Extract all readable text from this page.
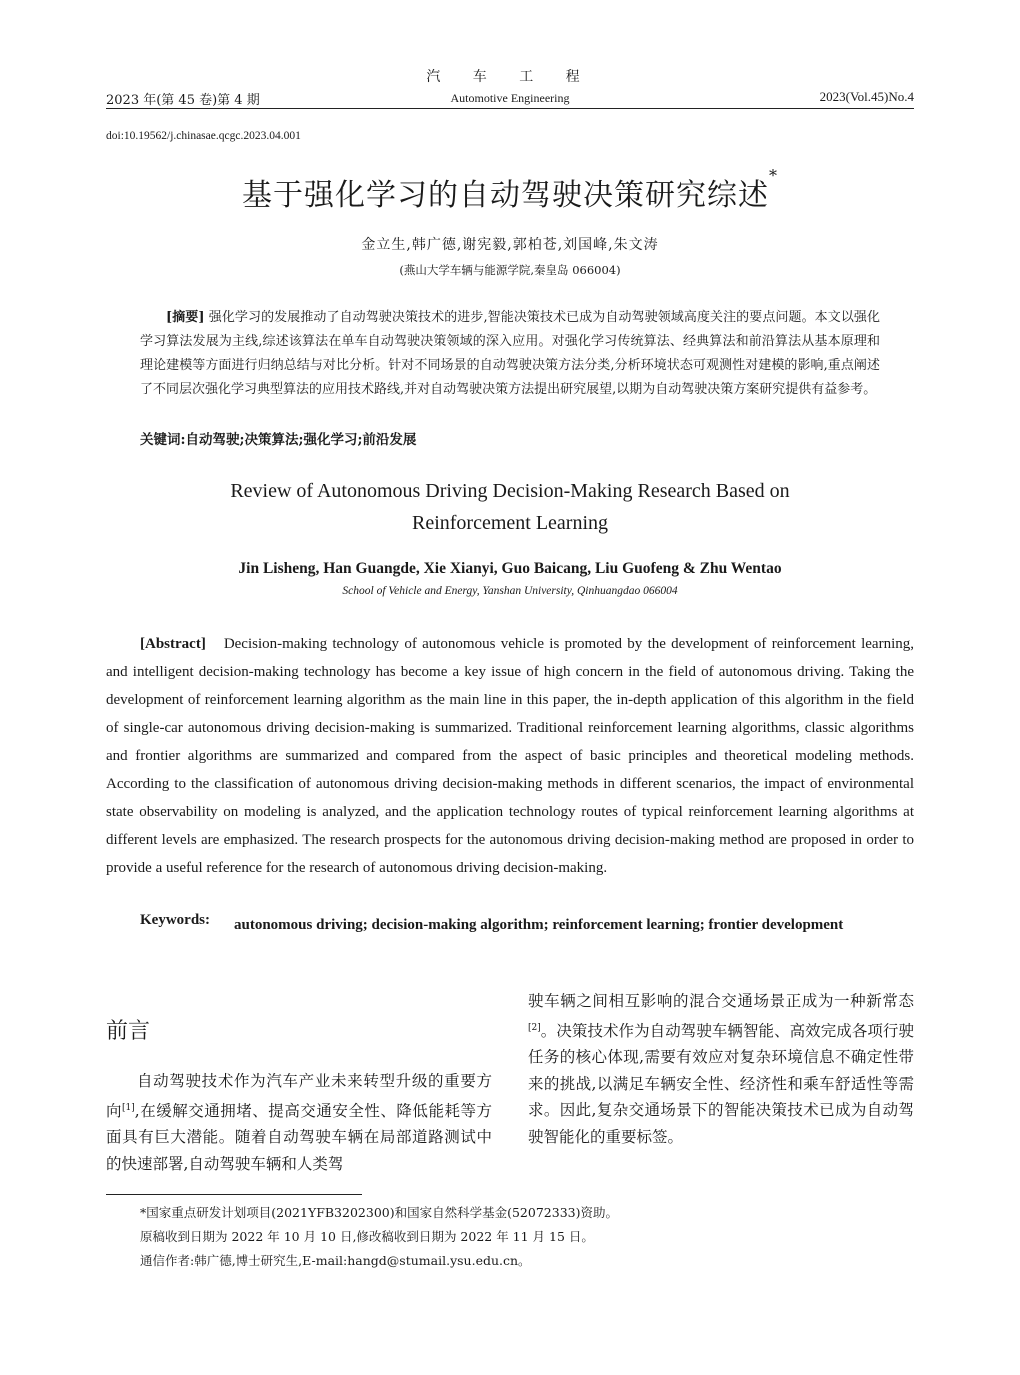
汽 车 工 程
2023 年(第 45 卷)第 4 期	Automotive Engineering	2023(Vol.45)No.4
doi:10.19562/j.chinasae.qcgc.2023.04.001
基于强化学习的自动驾驶决策研究综述*
金立生,韩广德,谢宪毅,郭柏苍,刘国峰,朱文涛
(燕山大学车辆与能源学院,秦皇岛 066004)
[摘要] 强化学习的发展推动了自动驾驶决策技术的进步,智能决策技术已成为自动驾驶领域高度关注的要点问题。本文以强化学习算法发展为主线,综述该算法在单车自动驾驶决策领域的深入应用。对强化学习传统算法、经典算法和前沿算法从基本原理和理论建模等方面进行归纳总结与对比分析。针对不同场景的自动驾驶决策方法分类,分析环境状态可观测性对建模的影响,重点阐述了不同层次强化学习典型算法的应用技术路线,并对自动驾驶决策方法提出研究展望,以期为自动驾驶决策方案研究提供有益参考。
关键词:自动驾驶;决策算法;强化学习;前沿发展
Review of Autonomous Driving Decision-Making Research Based on
Reinforcement Learning
Jin Lisheng, Han Guangde, Xie Xianyi, Guo Baicang, Liu Guofeng & Zhu Wentao
School of Vehicle and Energy, Yanshan University, Qinhuangdao 066004
[Abstract] Decision-making technology of autonomous vehicle is promoted by the development of reinforcement learning, and intelligent decision-making technology has become a key issue of high concern in the field of autonomous driving. Taking the development of reinforcement learning algorithm as the main line in this paper, the in-depth application of this algorithm in the field of single-car autonomous driving decision-making is summarized. Traditional reinforcement learning algorithms, classic algorithms and frontier algorithms are summarized and compared from the aspect of basic principles and theoretical modeling methods. According to the classification of autonomous driving decision-making methods in different scenarios, the impact of environmental state observability on modeling is analyzed, and the application technology routes of typical reinforcement learning algorithms at different levels are emphasized. The research prospects for the autonomous driving decision-making method are proposed in order to provide a useful reference for the research of autonomous driving decision-making.
Keywords: autonomous driving; decision-making algorithm; reinforcement learning; frontier development
前言
自动驾驶技术作为汽车产业未来转型升级的重要方向[1],在缓解交通拥堵、提高交通安全性、降低能耗等方面具有巨大潜能。随着自动驾驶车辆在局部道路测试中的快速部署,自动驾驶车辆和人类驾
驶车辆之间相互影响的混合交通场景正成为一种新常态[2]。决策技术作为自动驾驶车辆智能、高效完成各项行驶任务的核心体现,需要有效应对复杂环境信息不确定性带来的挑战,以满足车辆安全性、经济性和乘车舒适性等需求。因此,复杂交通场景下的智能决策技术已成为自动驾驶智能化的重要标签。
*国家重点研发计划项目(2021YFB3202300)和国家自然科学基金(52072333)资助。
原稿收到日期为 2022 年 10 月 10 日,修改稿收到日期为 2022 年 11 月 15 日。
通信作者:韩广德,博士研究生,E-mail:hangd@stumail.ysu.edu.cn。
